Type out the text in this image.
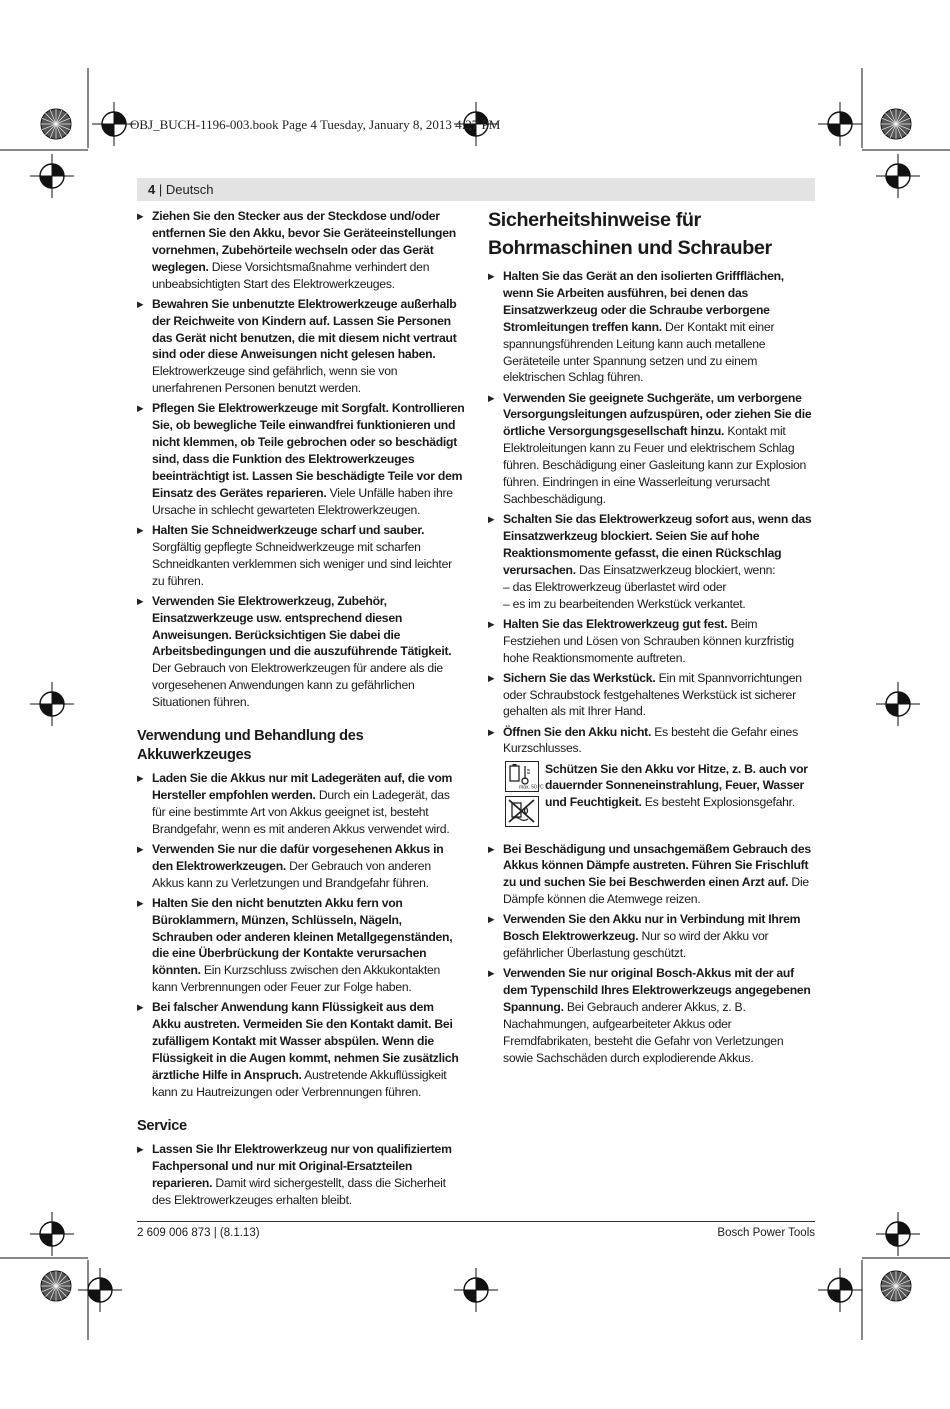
OBJ_BUCH-1196-003.book Page 4 Tuesday, January 8, 2013 4:27 PM
4 | Deutsch
▶ Ziehen Sie den Stecker aus der Steckdose und/oder entfernen Sie den Akku, bevor Sie Geräteeinstellungen vornehmen, Zubehörteile wechseln oder das Gerät weglegen. Diese Vorsichtsmaßnahme verhindert den unbeabsichtigten Start des Elektrowerkzeuges.
▶ Bewahren Sie unbenutzte Elektrowerkzeuge außerhalb der Reichweite von Kindern auf. Lassen Sie Personen das Gerät nicht benutzen, die mit diesem nicht vertraut sind oder diese Anweisungen nicht gelesen haben. Elektrowerkzeuge sind gefährlich, wenn sie von unerfahrenen Personen benutzt werden.
▶ Pflegen Sie Elektrowerkzeuge mit Sorgfalt. Kontrollieren Sie, ob bewegliche Teile einwandfrei funktionieren und nicht klemmen, ob Teile gebrochen oder so beschädigt sind, dass die Funktion des Elektrowerkzeuges beeinträchtigt ist. Lassen Sie beschädigte Teile vor dem Einsatz des Gerätes reparieren. Viele Unfälle haben ihre Ursache in schlecht gewarteten Elektrowerkzeugen.
▶ Halten Sie Schneidwerkzeuge scharf und sauber. Sorgfältig gepflegte Schneidwerkzeuge mit scharfen Schneidkanten verklemmen sich weniger und sind leichter zu führen.
▶ Verwenden Sie Elektrowerkzeug, Zubehör, Einsatzwerkzeuge usw. entsprechend diesen Anweisungen. Berücksichtigen Sie dabei die Arbeitsbedingungen und die auszuführende Tätigkeit. Der Gebrauch von Elektrowerkzeugen für andere als die vorgesehenen Anwendungen kann zu gefährlichen Situationen führen.
Verwendung und Behandlung des Akkuwerkzeuges
▶ Laden Sie die Akkus nur mit Ladegeräten auf, die vom Hersteller empfohlen werden. Durch ein Ladegerät, das für eine bestimmte Art von Akkus geeignet ist, besteht Brandgefahr, wenn es mit anderen Akkus verwendet wird.
▶ Verwenden Sie nur die dafür vorgesehenen Akkus in den Elektrowerkzeugen. Der Gebrauch von anderen Akkus kann zu Verletzungen und Brandgefahr führen.
▶ Halten Sie den nicht benutzten Akku fern von Büroklammern, Münzen, Schlüsseln, Nägeln, Schrauben oder anderen kleinen Metallgegenständen, die eine Überbrückung der Kontakte verursachen könnten. Ein Kurzschluss zwischen den Akkukontakten kann Verbrennungen oder Feuer zur Folge haben.
▶ Bei falscher Anwendung kann Flüssigkeit aus dem Akku austreten. Vermeiden Sie den Kontakt damit. Bei zufälligem Kontakt mit Wasser abspülen. Wenn die Flüssigkeit in die Augen kommt, nehmen Sie zusätzlich ärztliche Hilfe in Anspruch. Austretende Akkuflüssigkeit kann zu Hautreizungen oder Verbrennungen führen.
Service
▶ Lassen Sie Ihr Elektrowerkzeug nur von qualifiziertem Fachpersonal und nur mit Original-Ersatzteilen reparieren. Damit wird sichergestellt, dass die Sicherheit des Elektrowerkzeuges erhalten bleibt.
Sicherheitshinweise für Bohrmaschinen und Schrauber
▶ Halten Sie das Gerät an den isolierten Griffflächen, wenn Sie Arbeiten ausführen, bei denen das Einsatzwerkzeug oder die Schraube verborgene Stromleitungen treffen kann. Der Kontakt mit einer spannungsführenden Leitung kann auch metallene Geräteteile unter Spannung setzen und zu einem elektrischen Schlag führen.
▶ Verwenden Sie geeignete Suchgeräte, um verborgene Versorgungsleitungen aufzuspüren, oder ziehen Sie die örtliche Versorgungsgesellschaft hinzu. Kontakt mit Elektroleitungen kann zu Feuer und elektrischem Schlag führen. Beschädigung einer Gasleitung kann zur Explosion führen. Eindringen in eine Wasserleitung verursacht Sachbeschädigung.
▶ Schalten Sie das Elektrowerkzeug sofort aus, wenn das Einsatzwerkzeug blockiert. Seien Sie auf hohe Reaktionsmomente gefasst, die einen Rückschlag verursachen. Das Einsatzwerkzeug blockiert, wenn:
– das Elektrowerkzeug überlastet wird oder
– es im zu bearbeitenden Werkstück verkantet.
▶ Halten Sie das Elektrowerkzeug gut fest. Beim Festziehen und Lösen von Schrauben können kurzfristig hohe Reaktionsmomente auftreten.
▶ Sichern Sie das Werkstück. Ein mit Spannvorrichtungen oder Schraubstock festgehaltenes Werkstück ist sicherer gehalten als mit Ihrer Hand.
▶ Öffnen Sie den Akku nicht. Es besteht die Gefahr eines Kurzschlusses.
max. 50 °C
Schützen Sie den Akku vor Hitze, z. B. auch vor dauernder Sonneneinstrahlung, Feuer, Wasser und Feuchtigkeit. Es besteht Explosionsgefahr.
▶ Bei Beschädigung und unsachgemäßem Gebrauch des Akkus können Dämpfe austreten. Führen Sie Frischluft zu und suchen Sie bei Beschwerden einen Arzt auf. Die Dämpfe können die Atemwege reizen.
▶ Verwenden Sie den Akku nur in Verbindung mit Ihrem Bosch Elektrowerkzeug. Nur so wird der Akku vor gefährlicher Überlastung geschützt.
▶ Verwenden Sie nur original Bosch-Akkus mit der auf dem Typenschild Ihres Elektrowerkzeugs angegebenen Spannung. Bei Gebrauch anderer Akkus, z. B. Nachahmungen, aufgearbeiteter Akkus oder Fremdfabrikaten, besteht die Gefahr von Verletzungen sowie Sachschäden durch explodierende Akkus.
2 609 006 873 | (8.1.13)	Bosch Power Tools
